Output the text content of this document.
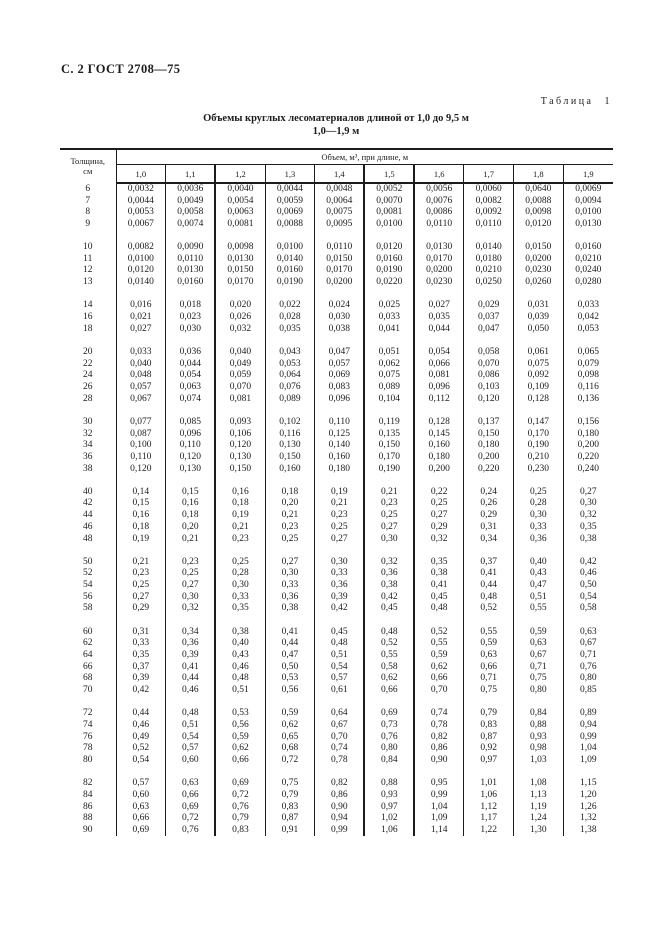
С. 2 ГОСТ 2708—75
Таблица 1
Объемы круглых лесоматериалов длиной от 1,0 до 9,5 м
1,0—1,9 м
Толщина,
см	Объем, м³, при длине, м									
	1,0	1,1	1,2	1,3	1,4	1,5	1,6	1,7	1,8	1,9
6	0,0032	0,0036	0,0040	0,0044	0,0048	0,0052	0,0056	0,0060	0,0640	0,0069
7	0,0044	0,0049	0,0054	0,0059	0,0064	0,0070	0,0076	0,0082	0,0088	0,0094
8	0,0053	0,0058	0,0063	0,0069	0,0075	0,0081	0,0086	0,0092	0,0098	0,0100
9	0,0067	0,0074	0,0081	0,0088	0,0095	0,0100	0,0110	0,0110	0,0120	0,0130

10	0,0082	0,0090	0,0098	0,0100	0,0110	0,0120	0,0130	0,0140	0,0150	0,0160
11	0,0100	0,0110	0,0130	0,0140	0,0150	0,0160	0,0170	0,0180	0,0200	0,0210
12	0,0120	0,0130	0,0150	0,0160	0,0170	0,0190	0,0200	0,0210	0,0230	0,0240
13	0,0140	0,0160	0,0170	0,0190	0,0200	0,0220	0,0230	0,0250	0,0260	0,0280

14	0,016	0,018	0,020	0,022	0,024	0,025	0,027	0,029	0,031	0,033
16	0,021	0,023	0,026	0,028	0,030	0,033	0,035	0,037	0,039	0,042
18	0,027	0,030	0,032	0,035	0,038	0,041	0,044	0,047	0,050	0,053

20	0,033	0,036	0,040	0,043	0,047	0,051	0,054	0,058	0,061	0,065
22	0,040	0,044	0,049	0,053	0,057	0,062	0,066	0,070	0,075	0,079
24	0,048	0,054	0,059	0,064	0,069	0,075	0,081	0,086	0,092	0,098
26	0,057	0,063	0,070	0,076	0,083	0,089	0,096	0,103	0,109	0,116
28	0,067	0,074	0,081	0,089	0,096	0,104	0,112	0,120	0,128	0,136

30	0,077	0,085	0,093	0,102	0,110	0,119	0,128	0,137	0,147	0,156
32	0,087	0,096	0,106	0,116	0,125	0,135	0,145	0,150	0,170	0,180
34	0,100	0,110	0,120	0,130	0,140	0,150	0,160	0,180	0,190	0,200
36	0,110	0,120	0,130	0,150	0,160	0,170	0,180	0,200	0,210	0,220
38	0,120	0,130	0,150	0,160	0,180	0,190	0,200	0,220	0,230	0,240

40	0,14	0,15	0,16	0,18	0,19	0,21	0,22	0,24	0,25	0,27
42	0,15	0,16	0,18	0,20	0,21	0,23	0,25	0,26	0,28	0,30
44	0,16	0,18	0,19	0,21	0,23	0,25	0,27	0,29	0,30	0,32
46	0,18	0,20	0,21	0,23	0,25	0,27	0,29	0,31	0,33	0,35
48	0,19	0,21	0,23	0,25	0,27	0,30	0,32	0,34	0,36	0,38

50	0,21	0,23	0,25	0,27	0,30	0,32	0,35	0,37	0,40	0,42
52	0,23	0,25	0,28	0,30	0,33	0,36	0,38	0,41	0,43	0,46
54	0,25	0,27	0,30	0,33	0,36	0,38	0,41	0,44	0,47	0,50
56	0,27	0,30	0,33	0,36	0,39	0,42	0,45	0,48	0,51	0,54
58	0,29	0,32	0,35	0,38	0,42	0,45	0,48	0,52	0,55	0,58

60	0,31	0,34	0,38	0,41	0,45	0,48	0,52	0,55	0,59	0,63
62	0,33	0,36	0,40	0,44	0,48	0,52	0,55	0,59	0,63	0,67
64	0,35	0,39	0,43	0,47	0,51	0,55	0,59	0,63	0,67	0,71
66	0,37	0,41	0,46	0,50	0,54	0,58	0,62	0,66	0,71	0,76
68	0,39	0,44	0,48	0,53	0,57	0,62	0,66	0,71	0,75	0,80
70	0,42	0,46	0,51	0,56	0,61	0,66	0,70	0,75	0,80	0,85

72	0,44	0,48	0,53	0,59	0,64	0,69	0,74	0,79	0,84	0,89
74	0,46	0,51	0,56	0,62	0,67	0,73	0,78	0,83	0,88	0,94
76	0,49	0,54	0,59	0,65	0,70	0,76	0,82	0,87	0,93	0,99
78	0,52	0,57	0,62	0,68	0,74	0,80	0,86	0,92	0,98	1,04
80	0,54	0,60	0,66	0,72	0,78	0,84	0,90	0,97	1,03	1,09

82	0,57	0,63	0,69	0,75	0,82	0,88	0,95	1,01	1,08	1,15
84	0,60	0,66	0,72	0,79	0,86	0,93	0,99	1,06	1,13	1,20
86	0,63	0,69	0,76	0,83	0,90	0,97	1,04	1,12	1,19	1,26
88	0,66	0,72	0,79	0,87	0,94	1,02	1,09	1,17	1,24	1,32
90	0,69	0,76	0,83	0,91	0,99	1,06	1,14	1,22	1,30	1,38
